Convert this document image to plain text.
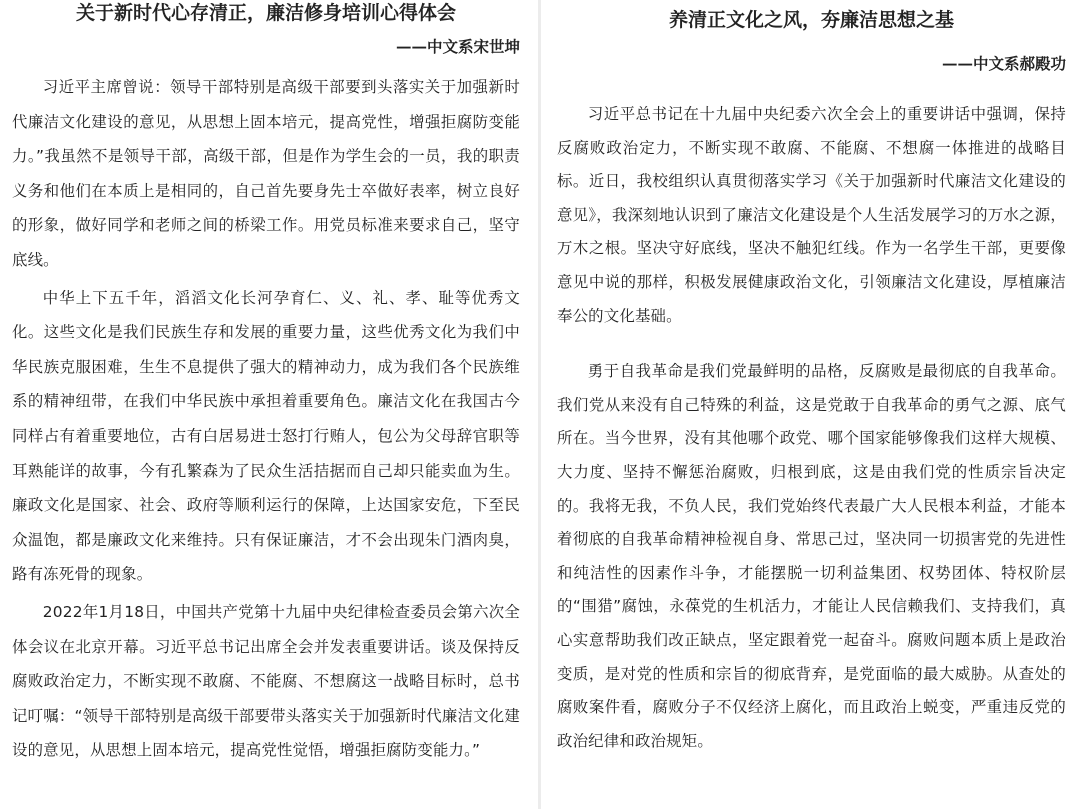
关于新时代心存清正，廉洁修身培训心得体会
——中文系宋世坤

习近平主席曾说：领导干部特别是高级干部要到头落实关于加强新时代廉洁文化建设的意见，从思想上固本培元，提高党性，增强拒腐防变能力。”我虽然不是领导干部，高级干部，但是作为学生会的一员，我的职责义务和他们在本质上是相同的，自己首先要身先士卒做好表率，树立良好的形象，做好同学和老师之间的桥梁工作。用党员标准来要求自己，坚守底线。

中华上下五千年，滔滔文化长河孕育仁、义、礼、孝、耻等优秀文化。这些文化是我们民族生存和发展的重要力量，这些优秀文化为我们中华民族克服困难，生生不息提供了强大的精神动力，成为我们各个民族维系的精神纽带，在我们中华民族中承担着重要角色。廉洁文化在我国古今同样占有着重要地位，古有白居易进士怒打行贿人，包公为父母辞官职等耳熟能详的故事，今有孔繁森为了民众生活拮据而自己却只能卖血为生。廉政文化是国家、社会、政府等顺利运行的保障，上达国家安危，下至民众温饱，都是廉政文化来维持。只有保证廉洁，才不会出现朱门酒肉臭，路有冻死骨的现象。

2022年1月18日，中国共产党第十九届中央纪律检查委员会第六次全体会议在北京开幕。习近平总书记出席全会并发表重要讲话。谈及保持反腐败政治定力，不断实现不敢腐、不能腐、不想腐这一战略目标时，总书记叮嘱：“领导干部特别是高级干部要带头落实关于加强新时代廉洁文化建设的意见，从思想上固本培元，提高党性觉悟，增强拒腐防变能力。”

养清正文化之风，夯廉洁思想之基
——中文系郝殿功

习近平总书记在十九届中央纪委六次全会上的重要讲话中强调，保持反腐败政治定力，不断实现不敢腐、不能腐、不想腐一体推进的战略目标。近日，我校组织认真贯彻落实学习《关于加强新时代廉洁文化建设的意见》，我深刻地认识到了廉洁文化建设是个人生活发展学习的万水之源，万木之根。坚决守好底线，坚决不触犯红线。作为一名学生干部，更要像意见中说的那样，积极发展健康政治文化，引领廉洁文化建设，厚植廉洁奉公的文化基础。

勇于自我革命是我们党最鲜明的品格，反腐败是最彻底的自我革命。我们党从来没有自己特殊的利益，这是党敢于自我革命的勇气之源、底气所在。当今世界，没有其他哪个政党、哪个国家能够像我们这样大规模、大力度、坚持不懈惩治腐败，归根到底，这是由我们党的性质宗旨决定的。我将无我，不负人民，我们党始终代表最广大人民根本利益，才能本着彻底的自我革命精神检视自身、常思己过，坚决同一切损害党的先进性和纯洁性的因素作斗争，才能摆脱一切利益集团、权势团体、特权阶层的“围猎”腐蚀，永葆党的生机活力，才能让人民信赖我们、支持我们，真心实意帮助我们改正缺点，坚定跟着党一起奋斗。腐败问题本质上是政治变质，是对党的性质和宗旨的彻底背弃，是党面临的最大威胁。从查处的腐败案件看，腐败分子不仅经济上腐化，而且政治上蜕变，严重违反党的政治纪律和政治规矩。
